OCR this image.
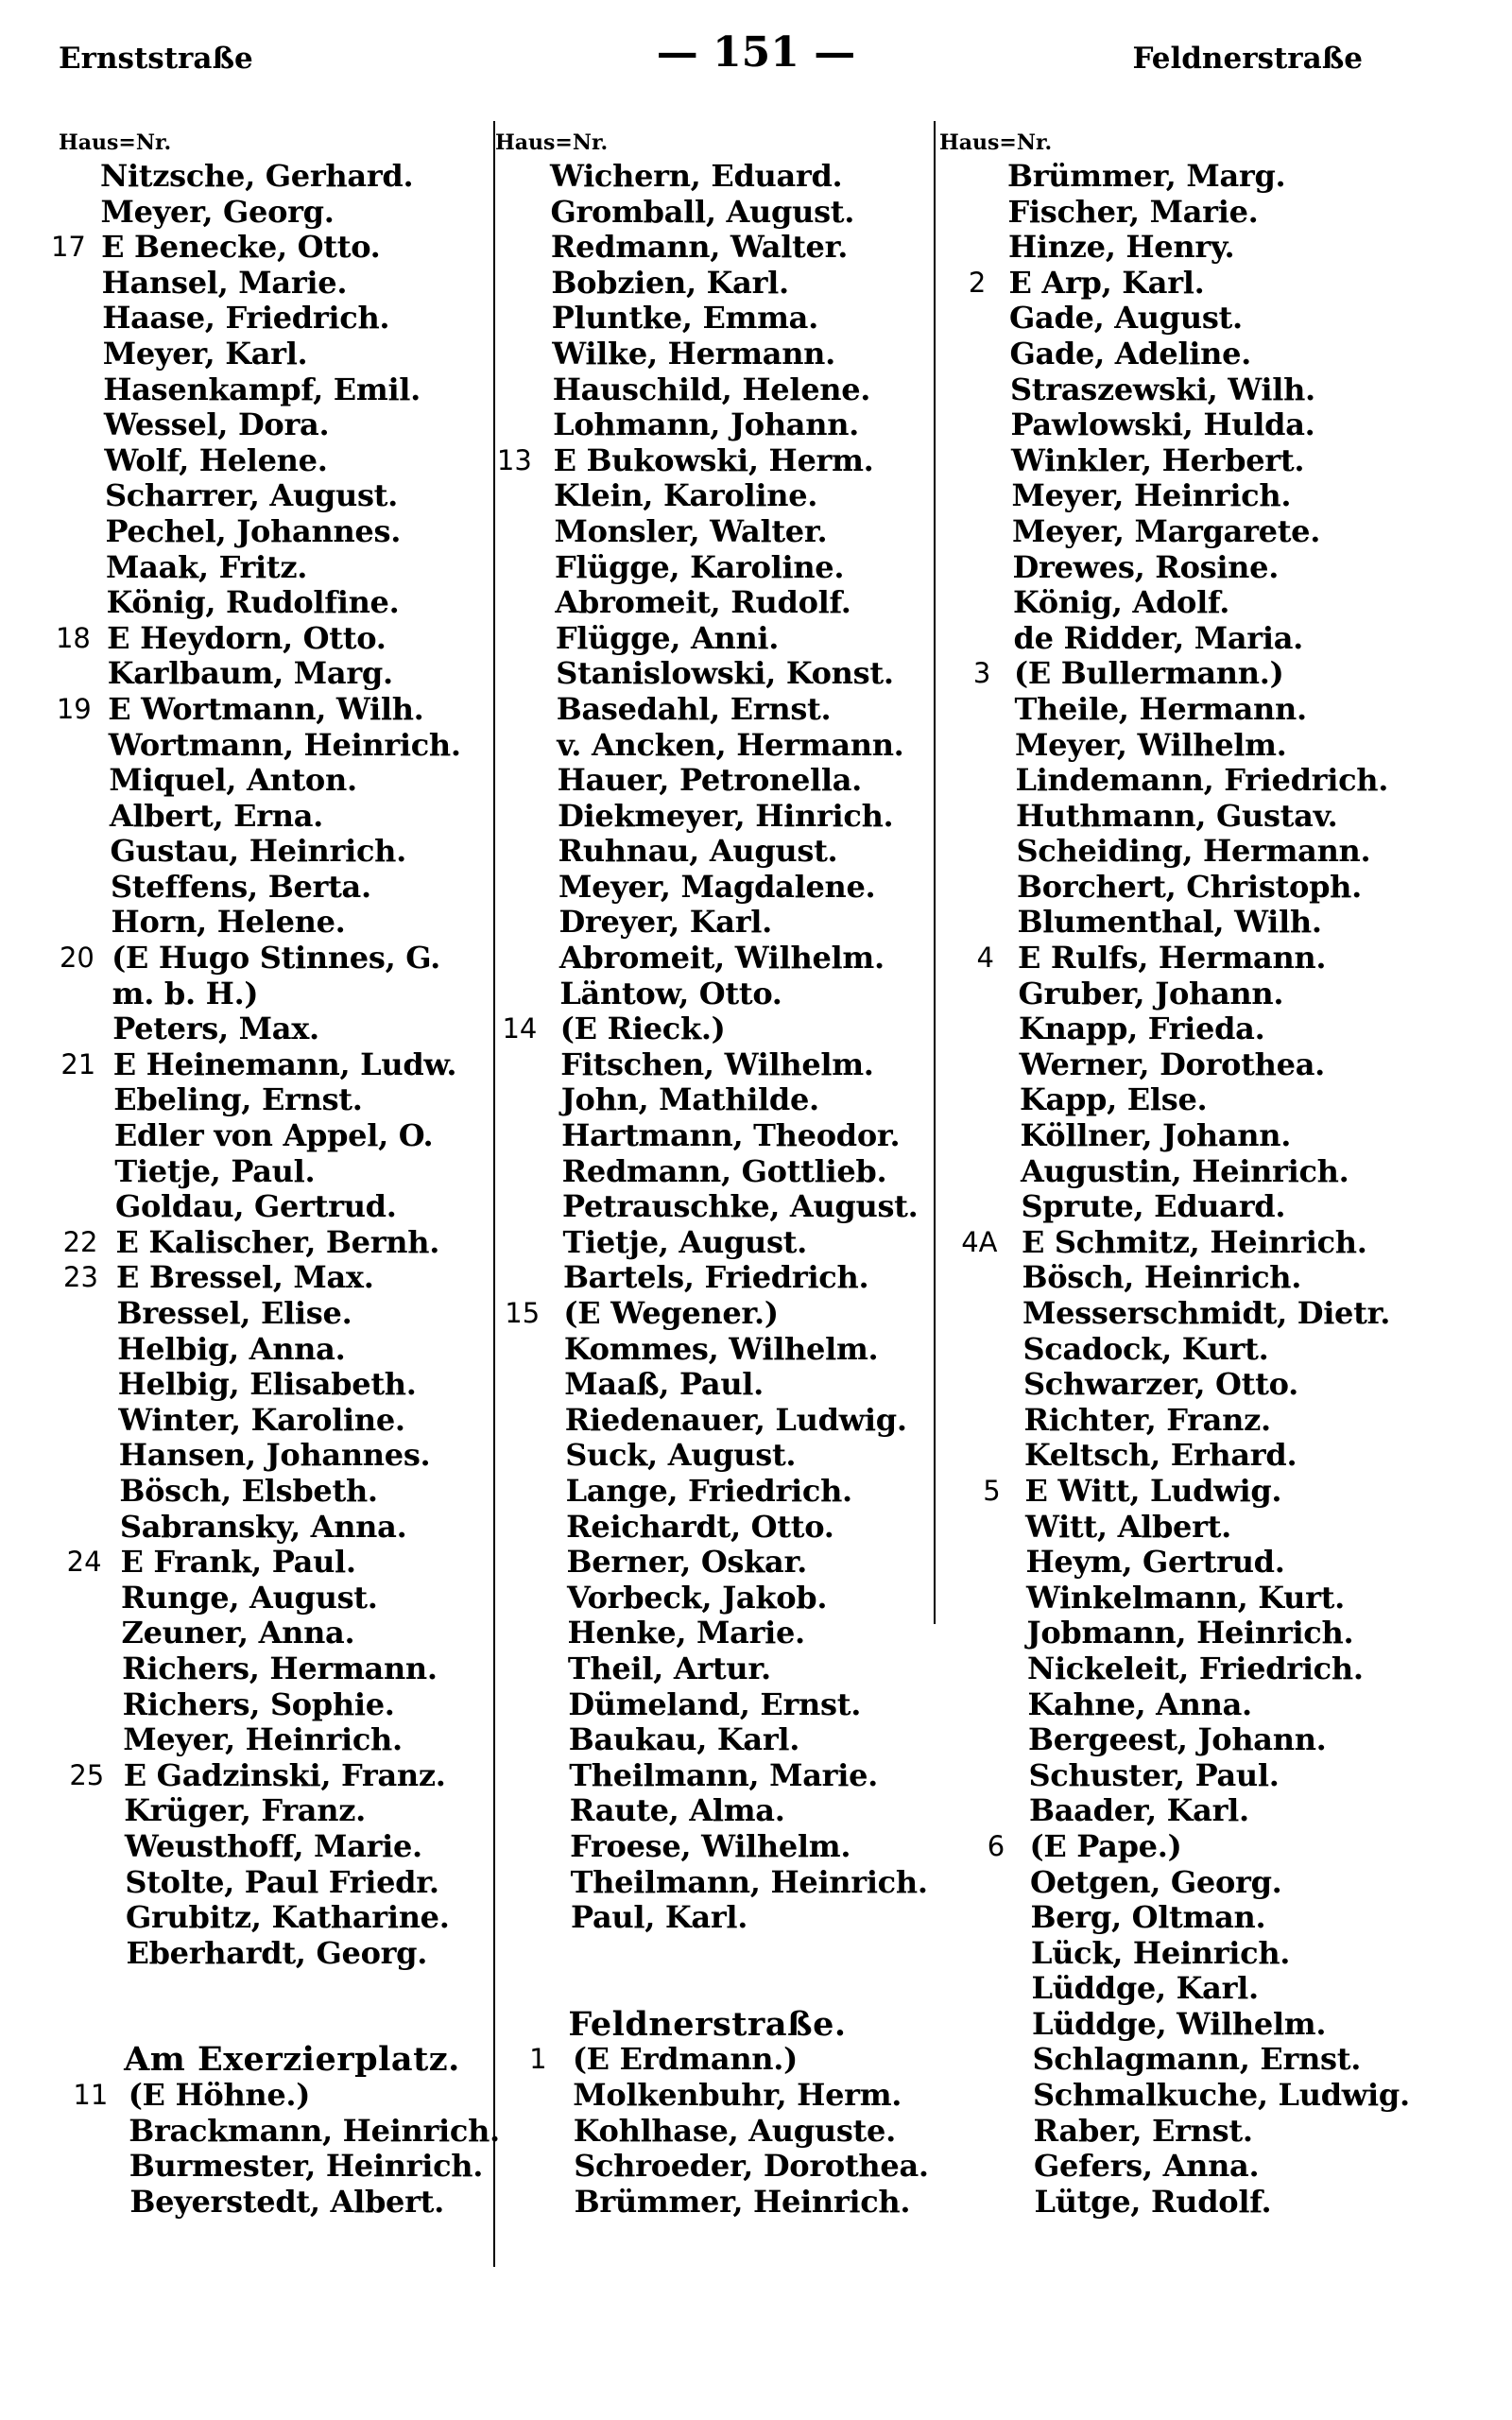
Ernststraße	— 151 —	Feldnerstraße
Haus=Nr.	Haus=Nr.	Haus=Nr.
Nitzsche, Gerhard.
Meyer, Georg.
17 E Benecke, Otto.
Hansel, Marie.
Haase, Friedrich.
Meyer, Karl.
Hasenkampf, Emil.
Wessel, Dora.
Wolf, Helene.
Scharrer, August.
Pechel, Johannes.
Maak, Fritz.
König, Rudolfine.
18 E Heydorn, Otto.
Karlbaum, Marg.
19 E Wortmann, Wilh.
Wortmann, Heinrich.
Miquel, Anton.
Albert, Erna.
Gustau, Heinrich.
Steffens, Berta.
Horn, Helene.
20 (E Hugo Stinnes, G.
m. b. H.)
Peters, Max.
21 E Heinemann, Ludw.
Ebeling, Ernst.
Edler von Appel, O.
Tietje, Paul.
Goldau, Gertrud.
22 E Kalischer, Bernh.
23 E Bressel, Max.
Bressel, Elise.
Helbig, Anna.
Helbig, Elisabeth.
Winter, Karoline.
Hansen, Johannes.
Bösch, Elsbeth.
Sabransky, Anna.
24 E Frank, Paul.
Runge, August.
Zeuner, Anna.
Richers, Hermann.
Richers, Sophie.
Meyer, Heinrich.
25 E Gadzinski, Franz.
Krüger, Franz.
Weusthoff, Marie.
Stolte, Paul Friedr.
Grubitz, Katharine.
Eberhardt, Georg.
Am Exerzierplatz.
11 (E Höhne.)
Brackmann, Heinrich.
Burmester, Heinrich.
Beyerstedt, Albert.
Wichern, Eduard.
Gromball, August.
Redmann, Walter.
Bobzien, Karl.
Pluntke, Emma.
Wilke, Hermann.
Hauschild, Helene.
Lohmann, Johann.
13 E Bukowski, Herm.
Klein, Karoline.
Monsler, Walter.
Flügge, Karoline.
Abromeit, Rudolf.
Flügge, Anni.
Stanislowski, Konst.
Basedahl, Ernst.
v. Ancken, Hermann.
Hauer, Petronella.
Diekmeyer, Hinrich.
Ruhnau, August.
Meyer, Magdalene.
Dreyer, Karl.
Abromeit, Wilhelm.
Läntow, Otto.
14 (E Rieck.)
Fitschen, Wilhelm.
John, Mathilde.
Hartmann, Theodor.
Redmann, Gottlieb.
Petrauschke, August.
Tietje, August.
Bartels, Friedrich.
15 (E Wegener.)
Kommes, Wilhelm.
Maaß, Paul.
Riedenauer, Ludwig.
Suck, August.
Lange, Friedrich.
Reichardt, Otto.
Berner, Oskar.
Vorbeck, Jakob.
Henke, Marie.
Theil, Artur.
Dümeland, Ernst.
Baukau, Karl.
Theilmann, Marie.
Raute, Alma.
Froese, Wilhelm.
Theilmann, Heinrich.
Paul, Karl.
Feldnerstraße.
1 (E Erdmann.)
Molkenbuhr, Herm.
Kohlhase, Auguste.
Schroeder, Dorothea.
Brümmer, Heinrich.
Brümmer, Marg.
Fischer, Marie.
Hinze, Henry.
2 E Arp, Karl.
Gade, August.
Gade, Adeline.
Straszewski, Wilh.
Pawlowski, Hulda.
Winkler, Herbert.
Meyer, Heinrich.
Meyer, Margarete.
Drewes, Rosine.
König, Adolf.
de Ridder, Maria.
3 (E Bullermann.)
Theile, Hermann.
Meyer, Wilhelm.
Lindemann, Friedrich.
Huthmann, Gustav.
Scheiding, Hermann.
Borchert, Christoph.
Blumenthal, Wilh.
4 E Rulfs, Hermann.
Gruber, Johann.
Knapp, Frieda.
Werner, Dorothea.
Kapp, Else.
Köllner, Johann.
Augustin, Heinrich.
Sprute, Eduard.
4A E Schmitz, Heinrich.
Bösch, Heinrich.
Messerschmidt, Dietr.
Scadock, Kurt.
Schwarzer, Otto.
Richter, Franz.
Keltsch, Erhard.
5 E Witt, Ludwig.
Witt, Albert.
Heym, Gertrud.
Winkelmann, Kurt.
Jobmann, Heinrich.
Nickeleit, Friedrich.
Kahne, Anna.
Bergeest, Johann.
Schuster, Paul.
Baader, Karl.
6 (E Pape.)
Oetgen, Georg.
Berg, Oltman.
Lück, Heinrich.
Lüddge, Karl.
Lüddge, Wilhelm.
Schlagmann, Ernst.
Schmalkuche, Ludwig.
Raber, Ernst.
Gefers, Anna.
Lütge, Rudolf.
